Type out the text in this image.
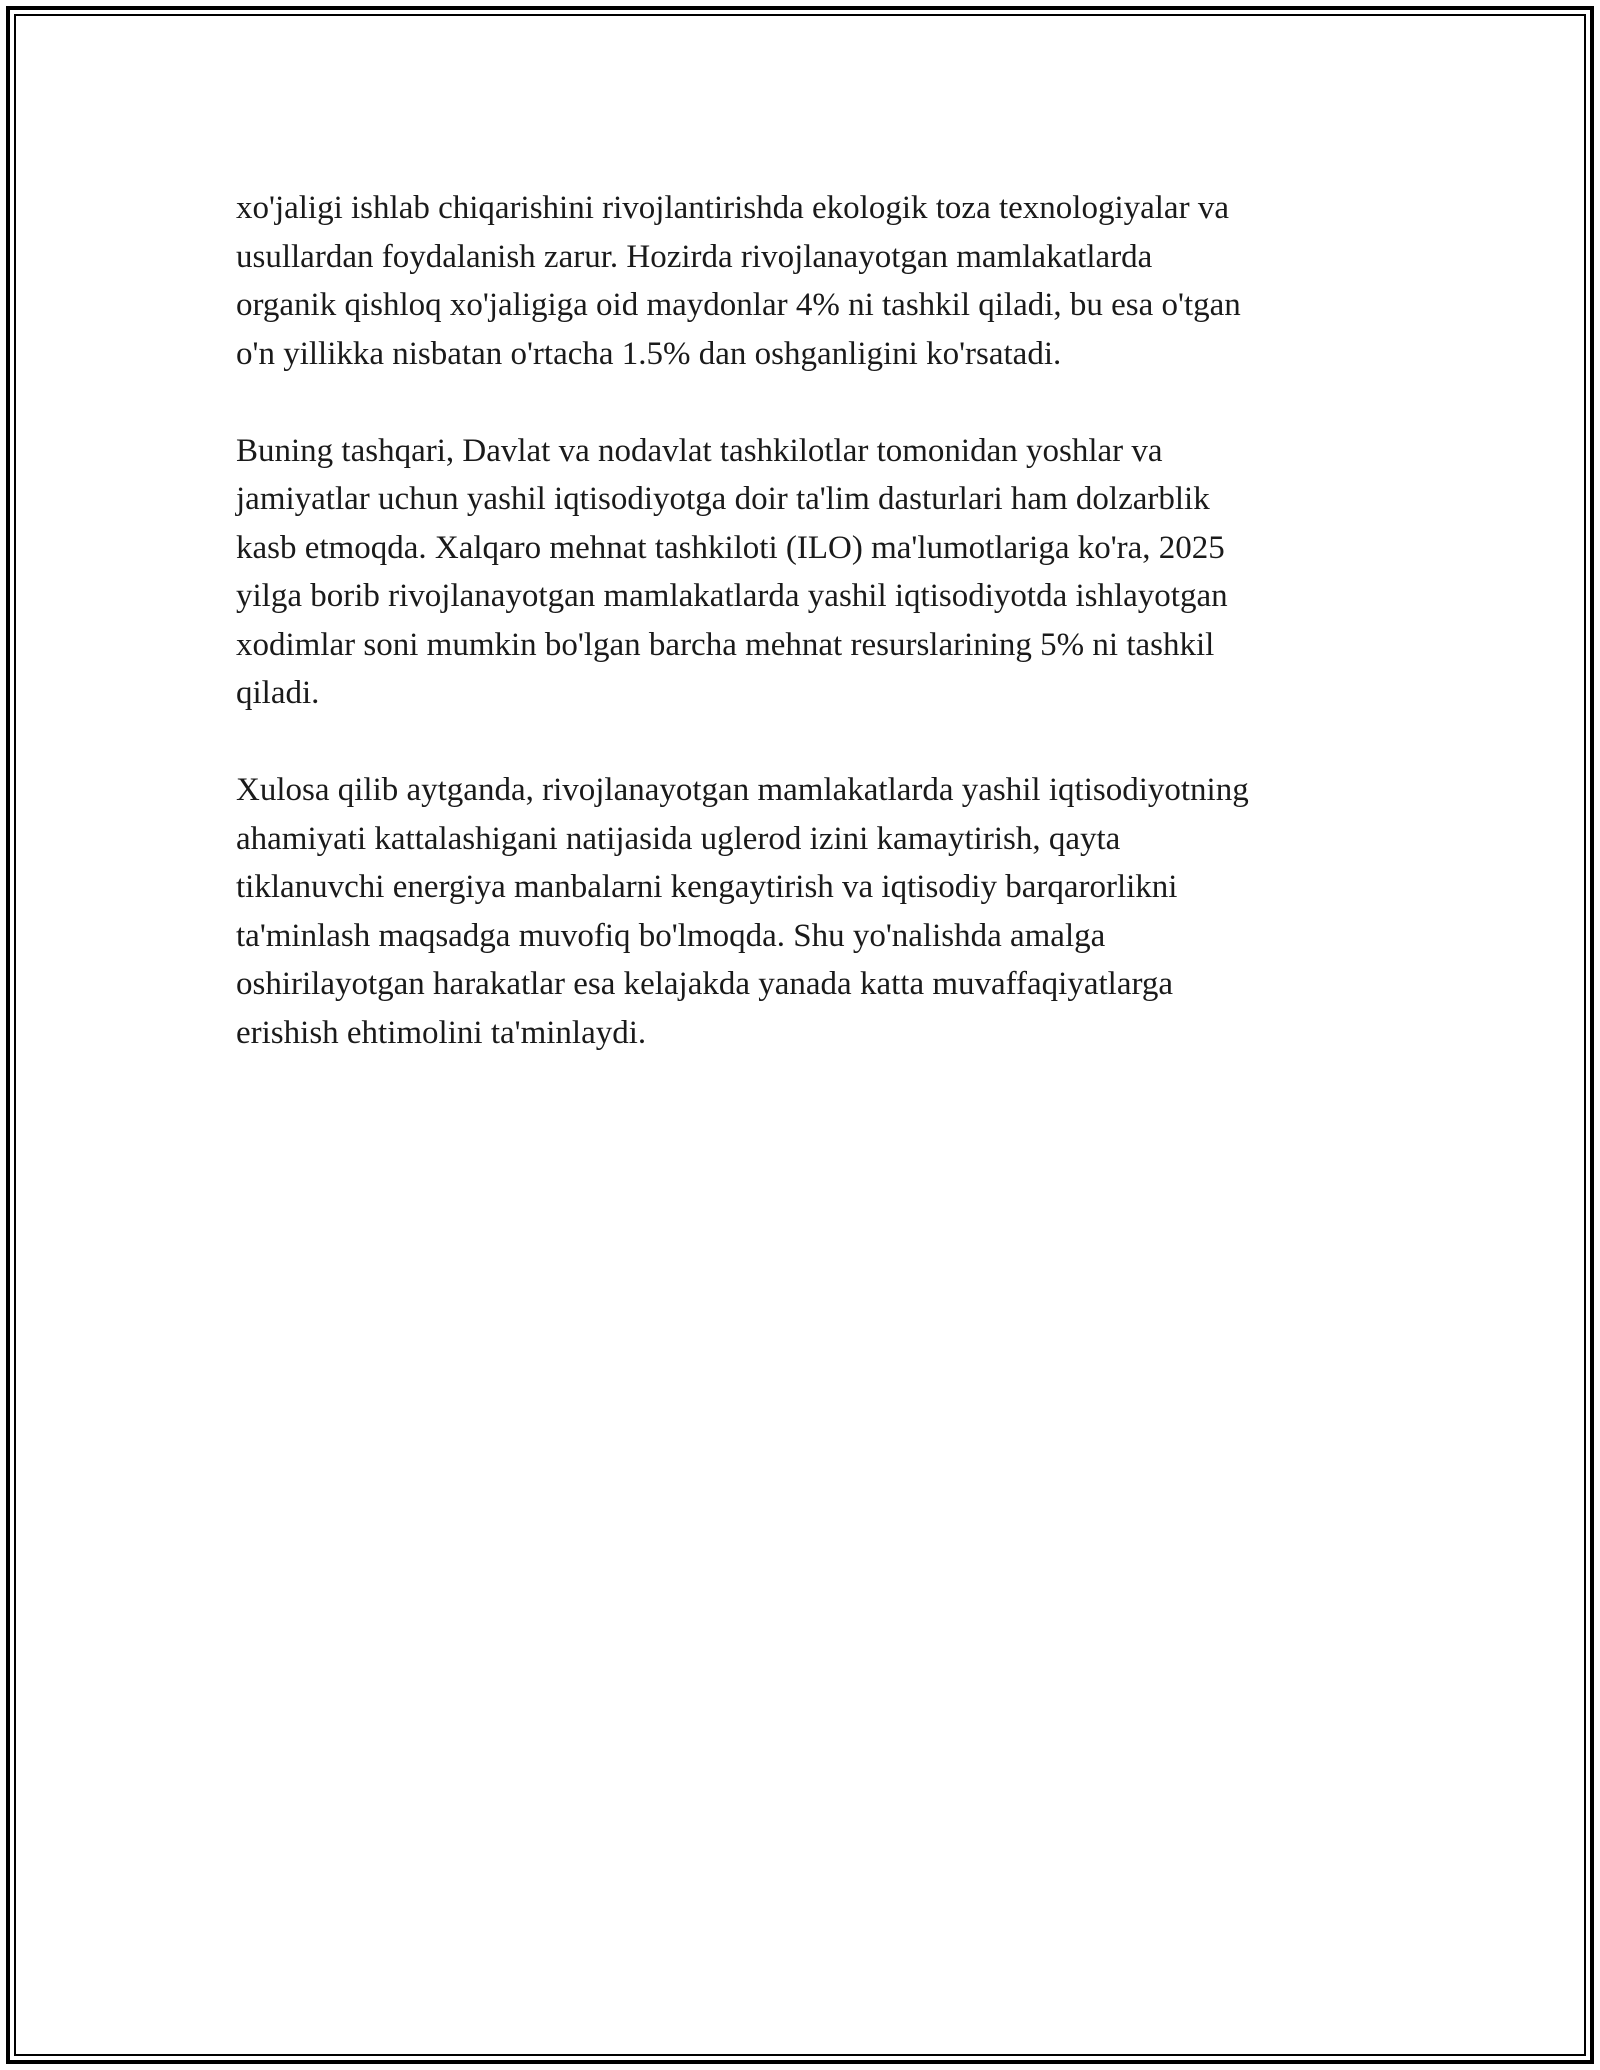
xo'jaligi ishlab chiqarishini rivojlantirishda ekologik toza texnologiyalar va
usullardan foydalanish zarur. Hozirda rivojlanayotgan mamlakatlarda
organik qishloq xo'jaligiga oid maydonlar 4% ni tashkil qiladi, bu esa o'tgan
o'n yillikka nisbatan o'rtacha 1.5% dan oshganligini ko'rsatadi.

Buning tashqari, Davlat va nodavlat tashkilotlar tomonidan yoshlar va
jamiyatlar uchun yashil iqtisodiyotga doir ta'lim dasturlari ham dolzarblik
kasb etmoqda. Xalqaro mehnat tashkiloti (ILO) ma'lumotlariga ko'ra, 2025
yilga borib rivojlanayotgan mamlakatlarda yashil iqtisodiyotda ishlayotgan
xodimlar soni mumkin bo'lgan barcha mehnat resurslarining 5% ni tashkil
qiladi.

Xulosa qilib aytganda, rivojlanayotgan mamlakatlarda yashil iqtisodiyotning
ahamiyati kattalashigani natijasida uglerod izini kamaytirish, qayta
tiklanuvchi energiya manbalarni kengaytirish va iqtisodiy barqarorlikni
ta'minlash maqsadga muvofiq bo'lmoqda. Shu yo'nalishda amalga
oshirilayotgan harakatlar esa kelajakda yanada katta muvaffaqiyatlarga
erishish ehtimolini ta'minlaydi.
